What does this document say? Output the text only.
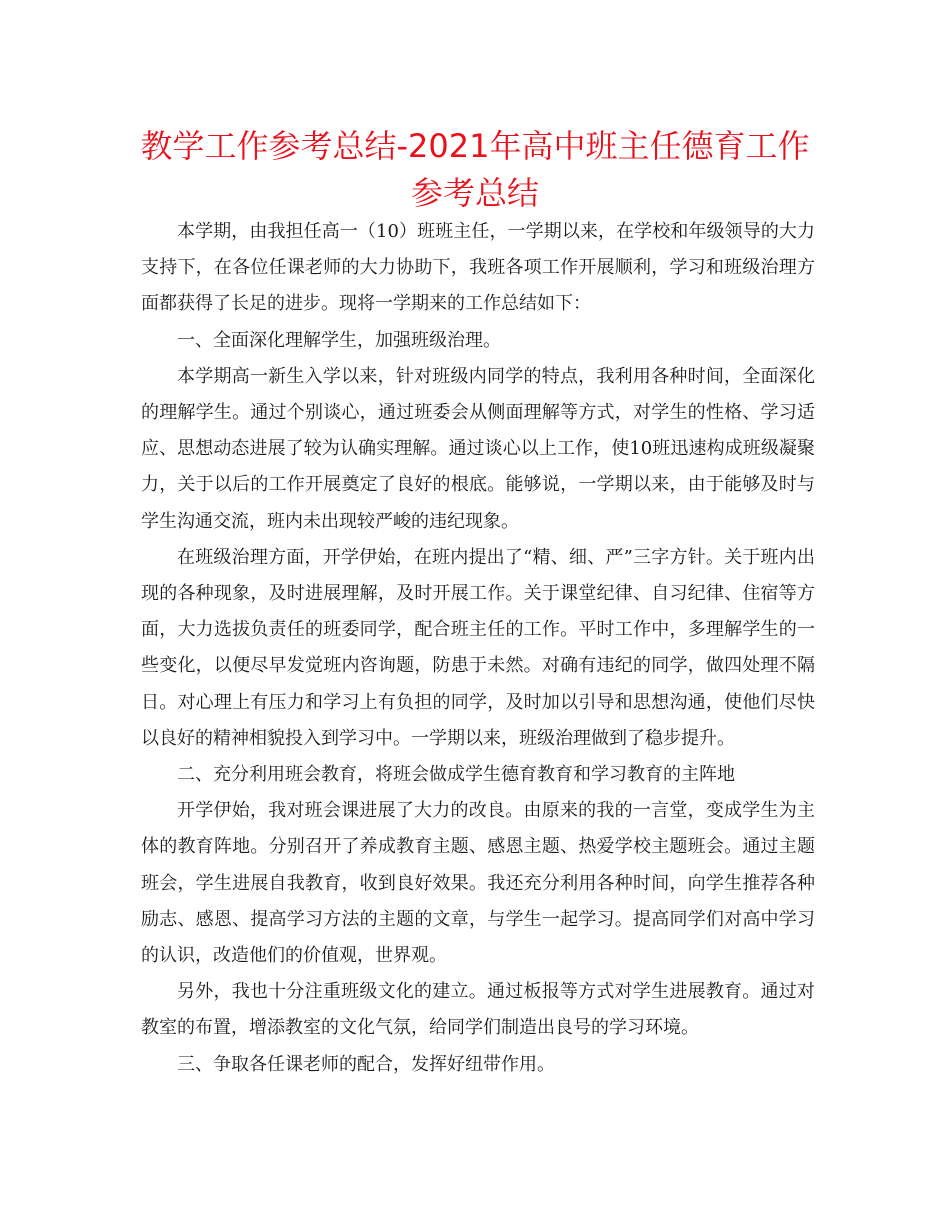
教学工作参考总结-2021年高中班主任德育工作
参考总结

本学期，由我担任高一（10）班班主任，一学期以来，在学校和年级领导的大力支持下，在各位任课老师的大力协助下，我班各项工作开展顺利，学习和班级治理方面都获得了长足的进步。现将一学期来的工作总结如下：

一、全面深化理解学生，加强班级治理。

本学期高一新生入学以来，针对班级内同学的特点，我利用各种时间，全面深化的理解学生。通过个别谈心，通过班委会从侧面理解等方式，对学生的性格、学习适应、思想动态进展了较为认确实理解。通过谈心以上工作，使10班迅速构成班级凝聚力，关于以后的工作开展奠定了良好的根底。能够说，一学期以来，由于能够及时与学生沟通交流，班内未出现较严峻的违纪现象。

在班级治理方面，开学伊始，在班内提出了“精、细、严”三字方针。关于班内出现的各种现象，及时进展理解，及时开展工作。关于课堂纪律、自习纪律、住宿等方面，大力选拔负责任的班委同学，配合班主任的工作。平时工作中，多理解学生的一些变化，以便尽早发觉班内咨询题，防患于未然。对确有违纪的同学，做四处理不隔日。对心理上有压力和学习上有负担的同学，及时加以引导和思想沟通，使他们尽快以良好的精神相貌投入到学习中。一学期以来，班级治理做到了稳步提升。

二、充分利用班会教育，将班会做成学生德育教育和学习教育的主阵地

开学伊始，我对班会课进展了大力的改良。由原来的我的一言堂，变成学生为主体的教育阵地。分别召开了养成教育主题、感恩主题、热爱学校主题班会。通过主题班会，学生进展自我教育，收到良好效果。我还充分利用各种时间，向学生推荐各种励志、感恩、提高学习方法的主题的文章，与学生一起学习。提高同学们对高中学习的认识，改造他们的价值观，世界观。

另外，我也十分注重班级文化的建立。通过板报等方式对学生进展教育。通过对教室的布置，增添教室的文化气氛，给同学们制造出良号的学习环境。

三、争取各任课老师的配合，发挥好纽带作用。
